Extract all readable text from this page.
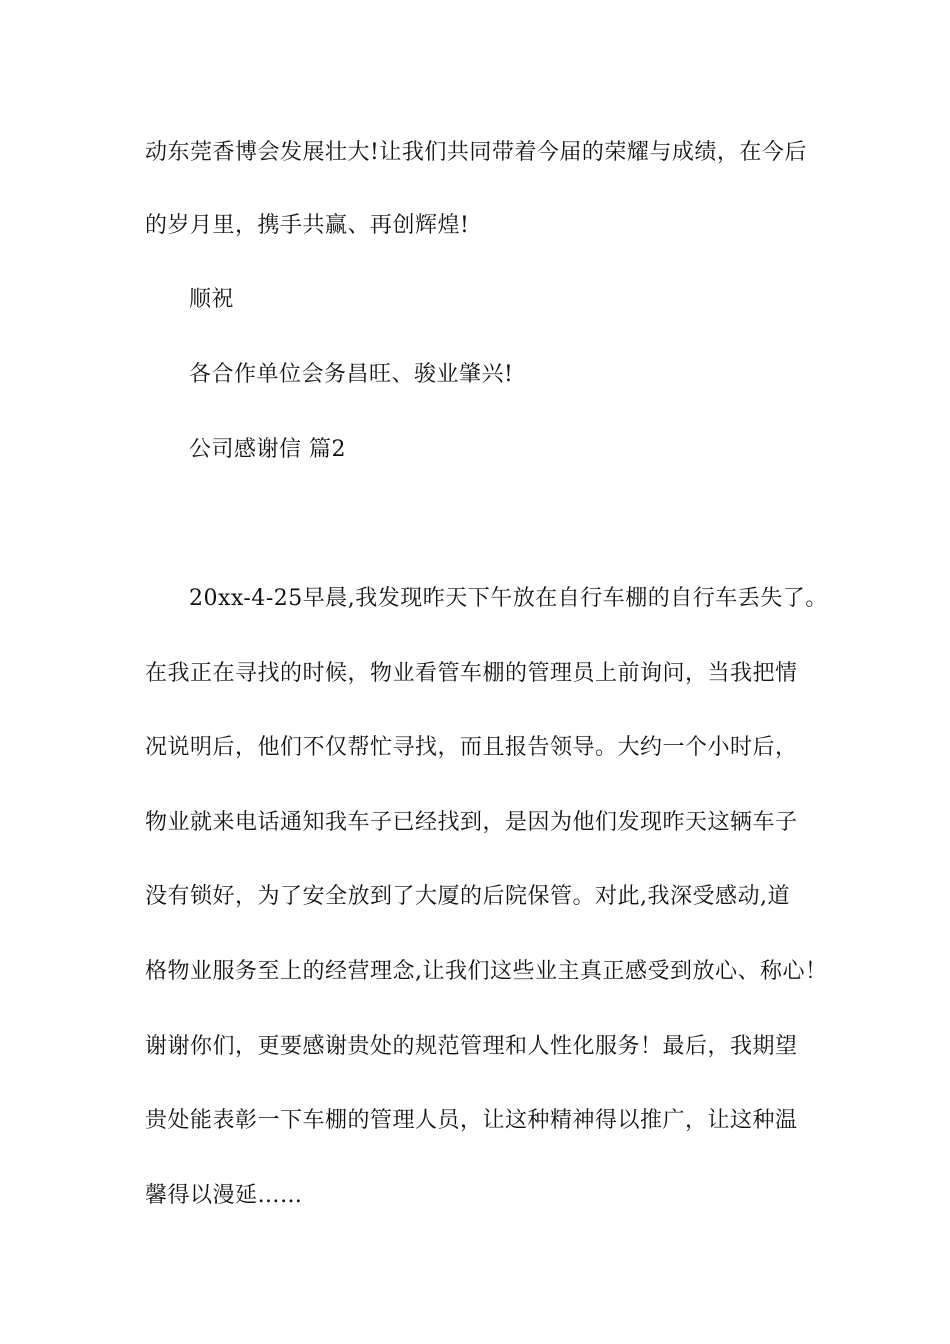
动东莞香博会发展壮大!让我们共同带着今届的荣耀与成绩，在今后
的岁月里，携手共赢、再创辉煌!
顺祝
各合作单位会务昌旺、骏业肇兴!
公司感谢信 篇2
20xx-4-25早晨,我发现昨天下午放在自行车棚的自行车丢失了。
在我正在寻找的时候，物业看管车棚的管理员上前询问，当我把情
况说明后，他们不仅帮忙寻找，而且报告领导。大约一个小时后，
物业就来电话通知我车子已经找到，是因为他们发现昨天这辆车子
没有锁好，为了安全放到了大厦的后院保管。对此,我深受感动,道
格物业服务至上的经营理念,让我们这些业主真正感受到放心、称心！
谢谢你们，更要感谢贵处的规范管理和人性化服务！最后，我期望
贵处能表彰一下车棚的管理人员，让这种精神得以推广，让这种温
馨得以漫延……
